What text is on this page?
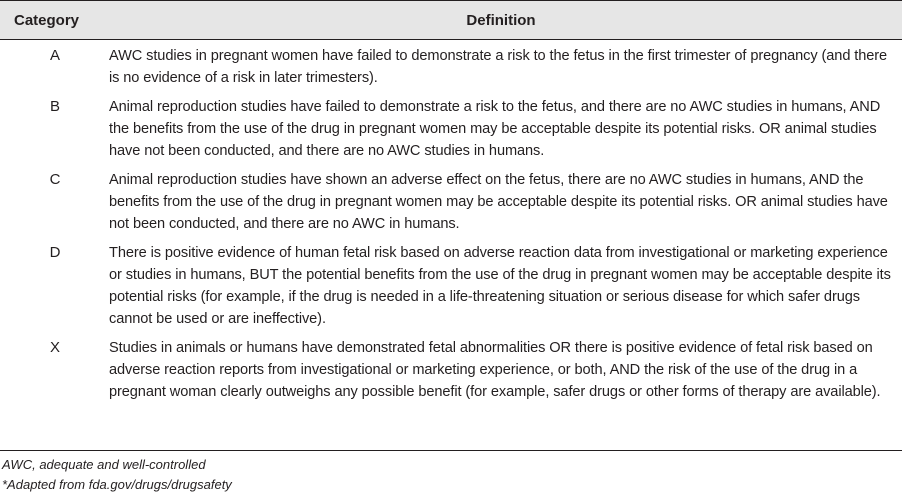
Category	Definition
A	AWC studies in pregnant women have failed to demonstrate a risk to the fetus in the first trimester of pregnancy (and there is no evidence of a risk in later trimesters).
B	Animal reproduction studies have failed to demonstrate a risk to the fetus, and there are no AWC studies in humans, AND the benefits from the use of the drug in pregnant women may be acceptable despite its potential risks. OR animal studies have not been conducted, and there are no AWC studies in humans.
C	Animal reproduction studies have shown an adverse effect on the fetus, there are no AWC studies in humans, AND the benefits from the use of the drug in pregnant women may be acceptable despite its potential risks. OR animal studies have not been conducted, and there are no AWC in humans.
D	There is positive evidence of human fetal risk based on adverse reaction data from investigational or marketing experience or studies in humans, BUT the potential benefits from the use of the drug in pregnant women may be acceptable despite its potential risks (for example, if the drug is needed in a life-threatening situation or serious disease for which safer drugs cannot be used or are ineffective).
X	Studies in animals or humans have demonstrated fetal abnormalities OR there is positive evidence of fetal risk based on adverse reaction reports from investigational or marketing experience, or both, AND the risk of the use of the drug in a pregnant woman clearly outweighs any possible benefit (for example, safer drugs or other forms of therapy are available).
AWC, adequate and well-controlled
*Adapted from fda.gov/drugs/drugsafety
